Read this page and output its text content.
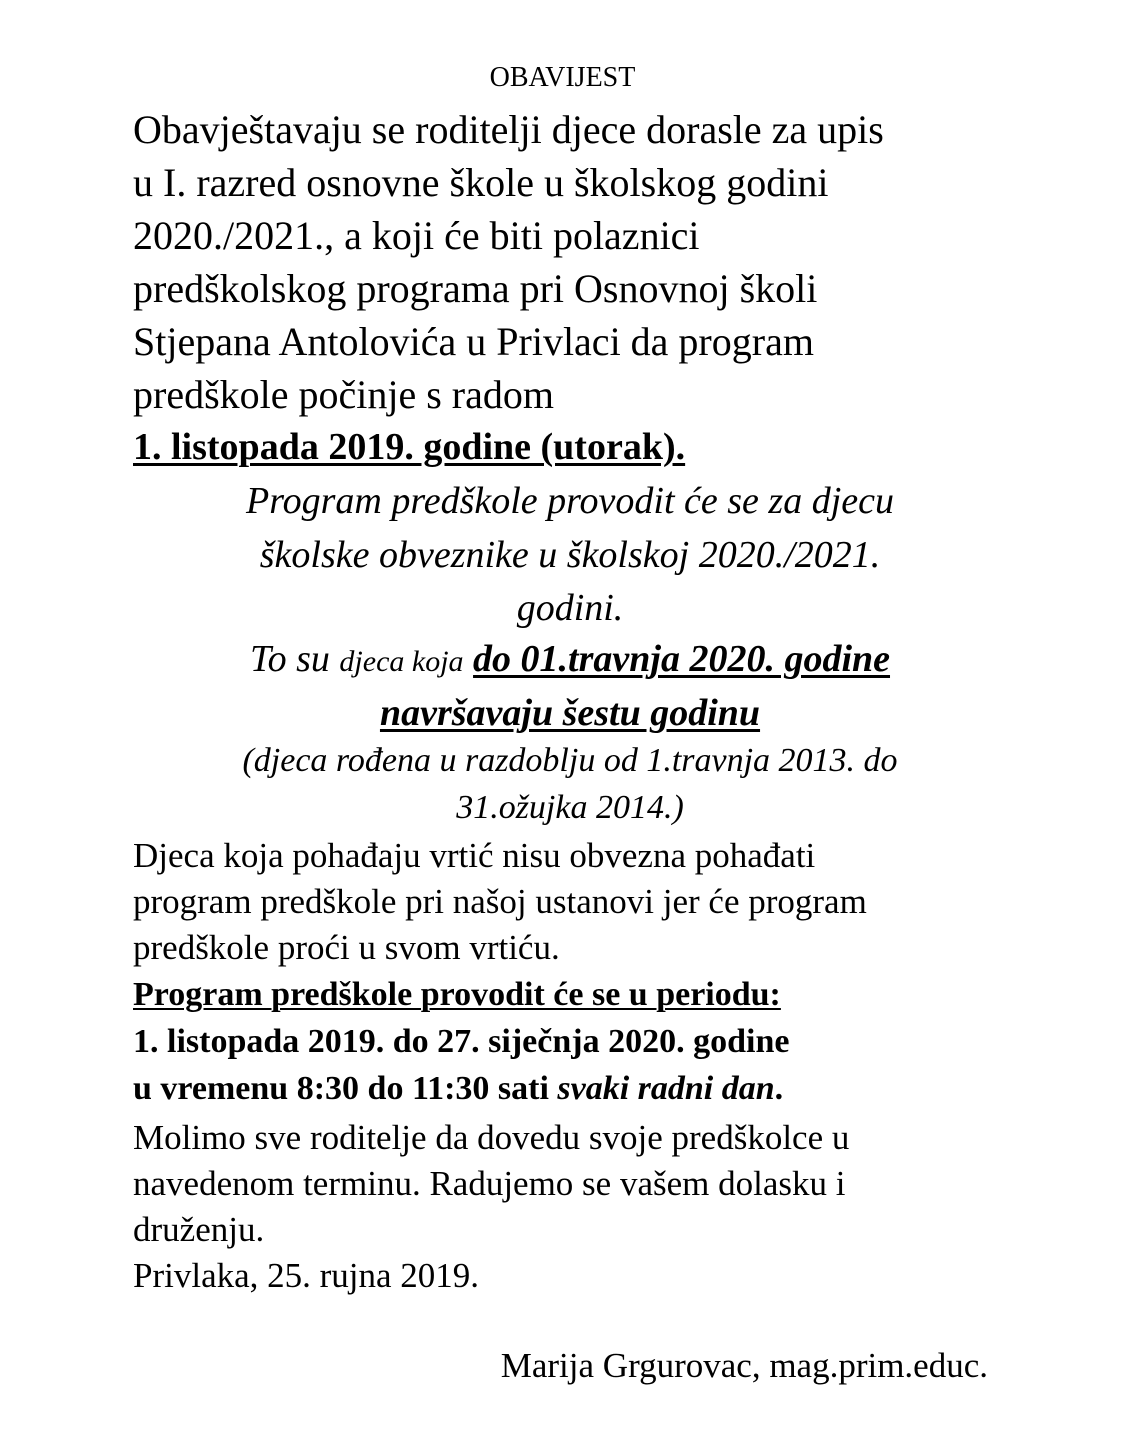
OBAVIJEST
Obavještavaju se roditelji djece dorasle za upis
u I. razred osnovne škole u školskog godini
2020./2021., a koji će biti polaznici
predškolskog programa pri Osnovnoj školi
Stjepana Antolovića u Privlaci da program
predškole počinje s radom
1. listopada 2019. godine (utorak).
Program predškole provodit će se za djecu
školske obveznike u školskoj 2020./2021.
godini.
To su djeca koja do 01.travnja 2020. godine
navršavaju šestu godinu
(djeca rođena u razdoblju od 1.travnja 2013. do
31.ožujka 2014.)
Djeca koja pohađaju vrtić nisu obvezna pohađati
program predškole pri našoj ustanovi jer će program
predškole proći u svom vrtiću.
Program predškole provodit će se u periodu:
1. listopada 2019. do 27. siječnja 2020. godine
u vremenu 8:30 do 11:30 sati svaki radni dan.
Molimo sve roditelje da dovedu svoje predškolce u
navedenom terminu. Radujemo se vašem dolasku i
druženju.
Privlaka, 25. rujna 2019.
Marija Grgurovac, mag.prim.educ.
